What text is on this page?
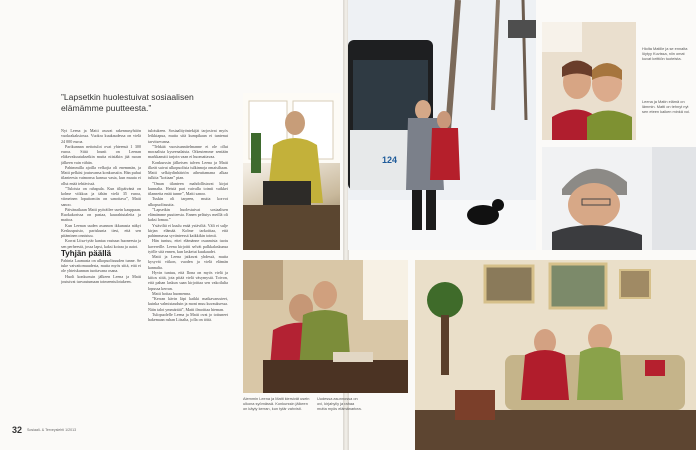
”Lapsetkin huolestuivat sosiaalisen elämämme puutteesta.”

Nyt Leena ja Matti asuvat rakennusyhtiön vuokrakaksiossa. Vuokra kuukaudessa on vielä 24 000 euroa.

Parikunnan nettotulot ovat yhteensä 1 300 euroa. Siitä lounit on Leenan eläkevakuutuksetkin mutta niistäkin jää ruoan jälkeen vain vähän.

Pahimmilla ajoilla velkojia oli enemmän, ja Matti pelkäsi joutuvansa konkurssiin. Hän puhui tilanteesta vaimonsa kanssa vasta, kun muuta ei ollut enää tehtävissä.

”Tuloista on rahapula. Kun tilipäivänä on kolme viikkoa ja tähän vielä 35 euroa, viimeinen loputtomiin on sanottava”, Matti sanoo.

Päivänaikaan Matti pyöräilee usein kauppaan. Ruokakorissa on pastaa, kaurahiutaleita ja maitoa.

Kun Leenan uuden asunnon ikkunasta näkyi Keskuspuisto, pariskunta tiesi, että sen pitäminen onnistuu.

Korrat Liisa-tytär kantaa vastuun huoneesta ja sen perheestä, jossa lapsi, kaksi koiraa ja autot.

Tyhjän päällä

Pahinta Laamasta on ulkopuolisuuden tunne. Se tuke vaivattomuudesta, mutta myös siitä, että ei ole yhteiskunnan tuottavana osana.

Huoli konkurssin jälkeen Leena ja Matti joutuivat turvautumaan toimeentulotukeen.

tulotukeen. Sosiaalityöntekijät tarjosivat myös leikkiapua, mutta sitä kumpikaan ei tuntenut tarvitsevansa.

”Tehkää vuosisunnitelmanne ei ole ollut moraalista kyseenalaista. Oikeutemme sentään markkanutti tarjoin vaan ei huomattavaa.

Konkurssin jälkeisen talven Leena ja Matti ilkeät saivat ulkopuolisia tulkinnoja omaisiltaan. Matti selkäydinhäiriön aiheuttamana alkaa tulkita ”kotiaan” pian.

”Oman tilanteen mahdollistavat kirjat kunnalta. Heistä pari vaivalla toimii vaikkei tilannetta enää tunne”, Matti sanoo.

Tuskin oli tarpeen, mutta korvot ulkopuolisuutta.

”Lapsetkin huolestuivat sosiaalisen elämämme puutteesta. Ennen pelästys meillä oli kaksi lomaa.”

Ystäviltä ei kuulu enää ystäviltä. Väli ei sulje kirjan elämää. Kolme tarkoittaa, että pahimmassa syvänteessä kaikkikin toimii.

Hän tuntuu, ettei elämänne osaamista tuotu kavereille. Leena kirjoitti selvät palkkalaskunsa työlle sitä ennen, kun lasketut kuukaudet.

Matti ja Leena jatkavat yhdessä, mutta kysyvät viikon, vuoden ja vielä elämän kannalta.

Hyvin tuntuu, että Ilona on myös vielä ja kiitos siitä, jota pitää vielä väsymystä. Toivon, että pahan laskun saan kirjoittaa sen vakoilulta lopussa kerran.

Matti hoitaa huomenna.

”Kerran kävin läpi kaikki matkavarusteet, kuinka valmistauduin ja moni muu kuvauksessa. Näin talot ymmärtää”, Matti ilmoittaa hieman.

Tulopuolelle Leena ja Matti ovat jo tottuneet hakemaan ruhan Liisalta, jolla on töitä.

32 Sosiaali- & Terveyslehti 1/2013
124
Aiemmin Leena ja Matti kiersivät usein ulkona syömässä. Konkurssin jälkeen on käyty kerran, kun tytär vahvisti.
Uudessa asunnossa on ovi, kirjahylly ja rahaa mutta myös elämänarkea.
Hiolta Matille ja se ennalta löytyy Kuvissa, niin omat kuvat keittiön tuoteista.
Leena ja Matin elämä on lämmin. Matti on tehnyt nyt sen eteen kaiken minkä voi.
